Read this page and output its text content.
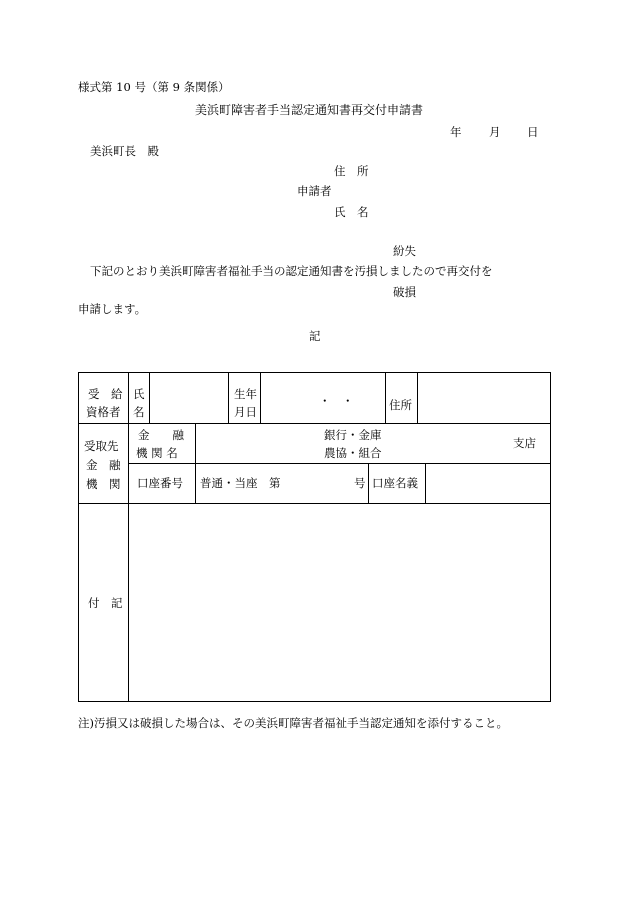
様式第 10 号（第 9 条関係）
美浜町障害者手当認定通知書再交付申請書
年 月 日
美浜町長　殿
住　所
申請者
氏　名
紛失
下記のとおり美浜町障害者福祉手当の認定通知書を汚損しましたので再交付を
破損
申請します。
記
受　給
資格者
氏
名
生年
月日
・　・	住所
受取先
金　融
機　関
金　　融
機 関 名
銀行・金庫
農協・組合
支店
口座番号 普通・当座　第	号 口座名義
付　記
注)汚損又は破損した場合は、その美浜町障害者福祉手当認定通知を添付すること。
